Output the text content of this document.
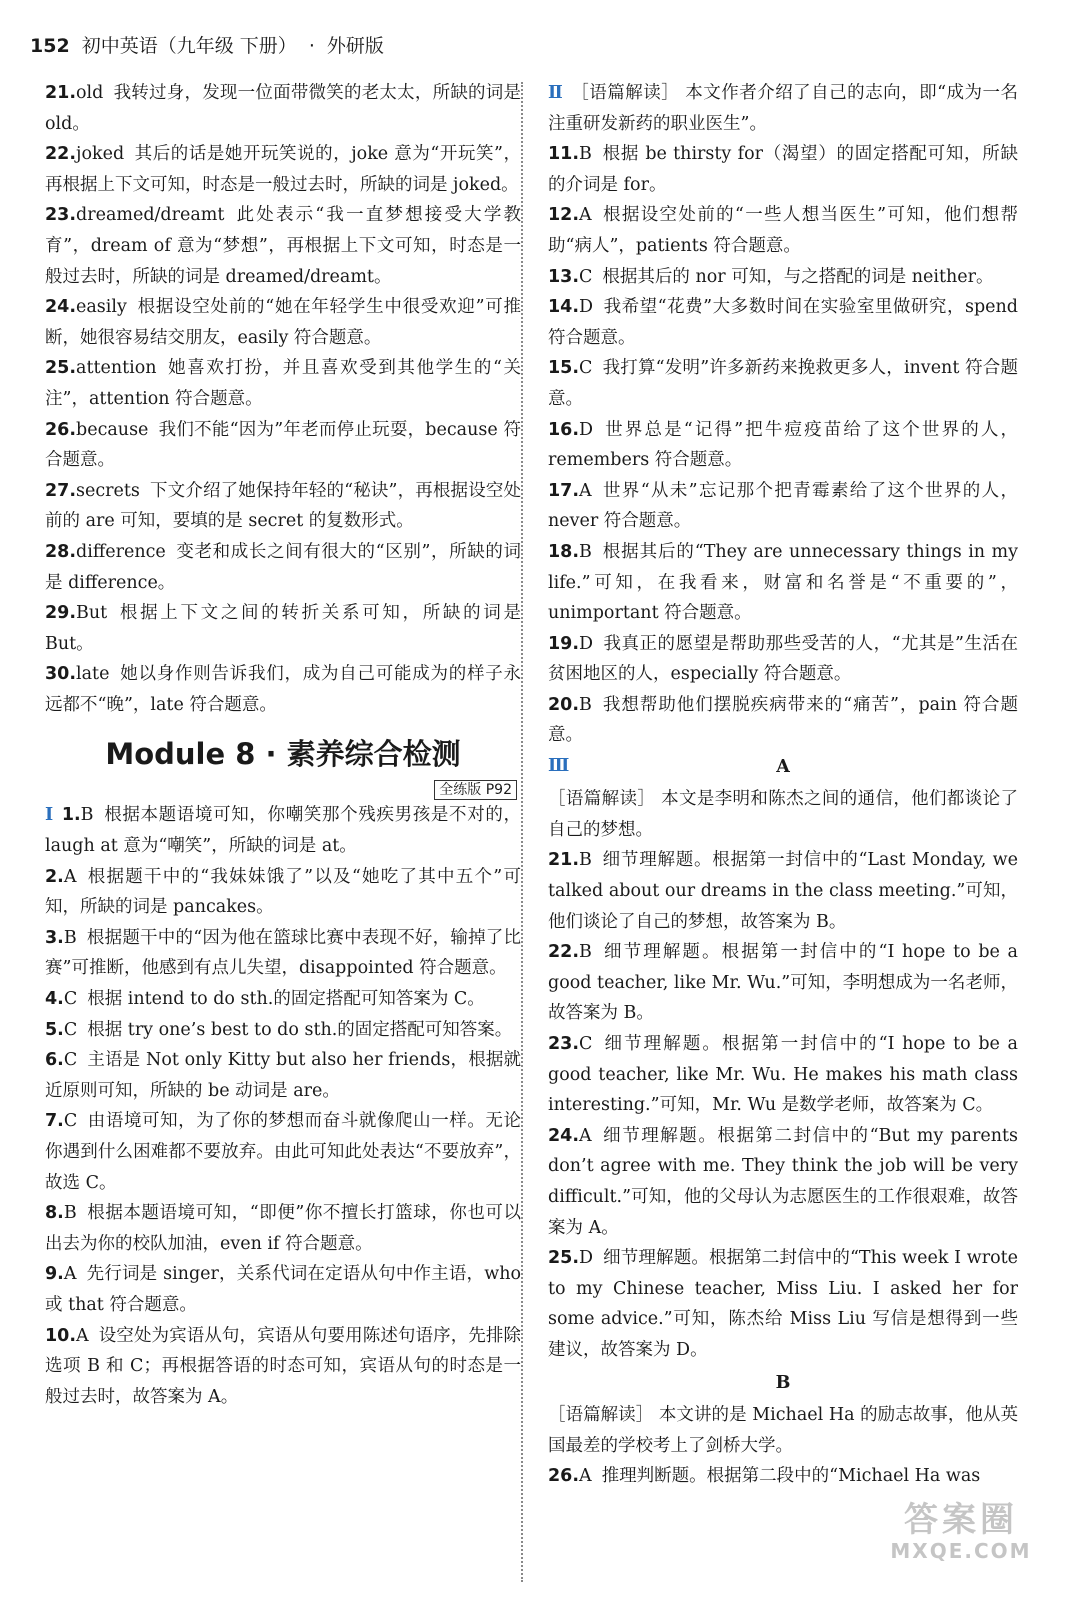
152 初中英语（九年级 下册） · 外研版

21.old 我转过身，发现一位面带微笑的老太太，所缺的词是 old。

22.joked 其后的话是她开玩笑说的，joke 意为“开玩笑”，再根据上下文可知，时态是一般过去时，所缺的词是 joked。

23.dreamed/dreamt 此处表示“我一直梦想接受大学教育”，dream of 意为“梦想”，再根据上下文可知，时态是一般过去时，所缺的词是 dreamed/dreamt。

24.easily 根据设空处前的“她在年轻学生中很受欢迎”可推断，她很容易结交朋友，easily 符合题意。

25.attention 她喜欢打扮，并且喜欢受到其他学生的“关注”，attention 符合题意。

26.because 我们不能“因为”年老而停止玩耍，because 符合题意。

27.secrets 下文介绍了她保持年轻的“秘诀”，再根据设空处前的 are 可知，要填的是 secret 的复数形式。

28.difference 变老和成长之间有很大的“区别”，所缺的词是 difference。

29.But 根据上下文之间的转折关系可知，所缺的词是 But。

30.late 她以身作则告诉我们，成为自己可能成为的样子永远都不“晚”，late 符合题意。

Module 8 · 素养综合检测
全练版 P92

Ⅰ 1.B 根据本题语境可知，你嘲笑那个残疾男孩是不对的，laugh at 意为“嘲笑”，所缺的词是 at。

2.A 根据题干中的“我妹妹饿了”以及“她吃了其中五个”可知，所缺的词是 pancakes。

3.B 根据题干中的“因为他在篮球比赛中表现不好，输掉了比赛”可推断，他感到有点儿失望，disappointed 符合题意。

4.C 根据 intend to do sth.的固定搭配可知答案为 C。

5.C 根据 try one’s best to do sth.的固定搭配可知答案。

6.C 主语是 Not only Kitty but also her friends，根据就近原则可知，所缺的 be 动词是 are。

7.C 由语境可知，为了你的梦想而奋斗就像爬山一样。无论你遇到什么困难都不要放弃。由此可知此处表达“不要放弃”，故选 C。

8.B 根据本题语境可知，“即便”你不擅长打篮球，你也可以出去为你的校队加油，even if 符合题意。

9.A 先行词是 singer，关系代词在定语从句中作主语，who 或 that 符合题意。

10.A 设空处为宾语从句，宾语从句要用陈述句语序，先排除选项 B 和 C；再根据答语的时态可知，宾语从句的时态是一般过去时，故答案为 A。

Ⅱ ［语篇解读］ 本文作者介绍了自己的志向，即“成为一名注重研发新药的职业医生”。

11.B 根据 be thirsty for（渴望）的固定搭配可知，所缺的介词是 for。

12.A 根据设空处前的“一些人想当医生”可知，他们想帮助“病人”，patients 符合题意。

13.C 根据其后的 nor 可知，与之搭配的词是 neither。

14.D 我希望“花费”大多数时间在实验室里做研究，spend 符合题意。

15.C 我打算“发明”许多新药来挽救更多人，invent 符合题意。

16.D 世界总是“记得”把牛痘疫苗给了这个世界的人，remembers 符合题意。

17.A 世界“从未”忘记那个把青霉素给了这个世界的人，never 符合题意。

18.B 根据其后的“They are unnecessary things in my life.”可知，在我看来，财富和名誉是“不重要的”，unimportant 符合题意。

19.D 我真正的愿望是帮助那些受苦的人，“尤其是”生活在贫困地区的人，especially 符合题意。

20.B 我想帮助他们摆脱疾病带来的“痛苦”，pain 符合题意。

Ⅲ	A

［语篇解读］ 本文是李明和陈杰之间的通信，他们都谈论了自己的梦想。

21.B 细节理解题。根据第一封信中的“Last Monday, we talked about our dreams in the class meeting.”可知，他们谈论了自己的梦想，故答案为 B。

22.B 细节理解题。根据第一封信中的“I hope to be a good teacher, like Mr. Wu.”可知，李明想成为一名老师，故答案为 B。

23.C 细节理解题。根据第一封信中的“I hope to be a good teacher, like Mr. Wu. He makes his math class interesting.”可知，Mr. Wu 是数学老师，故答案为 C。

24.A 细节理解题。根据第二封信中的“But my parents don’t agree with me. They think the job will be very difficult.”可知，他的父母认为志愿医生的工作很艰难，故答案为 A。

25.D 细节理解题。根据第二封信中的“This week I wrote to my Chinese teacher, Miss Liu. I asked her for some advice.”可知，陈杰给 Miss Liu 写信是想得到一些建议，故答案为 D。

B

［语篇解读］ 本文讲的是 Michael Ha 的励志故事，他从英国最差的学校考上了剑桥大学。

26.A 推理判断题。根据第二段中的“Michael Ha was

答案圈
MXQE.COM
